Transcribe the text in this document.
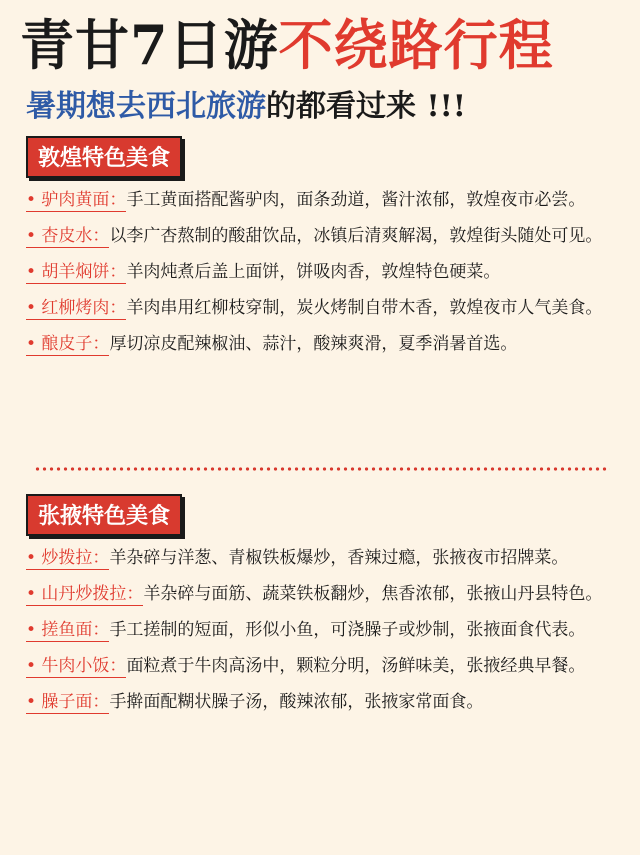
青甘7日游不绕路行程
暑期想去西北旅游的都看过来 !!!
敦煌特色美食
• 驴肉黄面：手工黄面搭配酱驴肉，面条劲道，酱汁浓郁，敦煌夜市必尝。
• 杏皮水：以李广杏熬制的酸甜饮品，冰镇后清爽解渴，敦煌街头随处可见。
• 胡羊焖饼：羊肉炖煮后盖上面饼，饼吸肉香，敦煌特色硬菜。
• 红柳烤肉：羊肉串用红柳枝穿制，炭火烤制自带木香，敦煌夜市人气美食。
• 酿皮子：厚切凉皮配辣椒油、蒜汁，酸辣爽滑，夏季消暑首选。
张掖特色美食
• 炒拨拉：羊杂碎与洋葱、青椒铁板爆炒，香辣过瘾，张掖夜市招牌菜。
• 山丹炒拨拉：羊杂碎与面筋、蔬菜铁板翻炒，焦香浓郁，张掖山丹县特色。
• 搓鱼面：手工搓制的短面，形似小鱼，可浇臊子或炒制，张掖面食代表。
• 牛肉小饭：面粒煮于牛肉高汤中，颗粒分明，汤鲜味美，张掖经典早餐。
• 臊子面：手擀面配糊状臊子汤，酸辣浓郁，张掖家常面食。
